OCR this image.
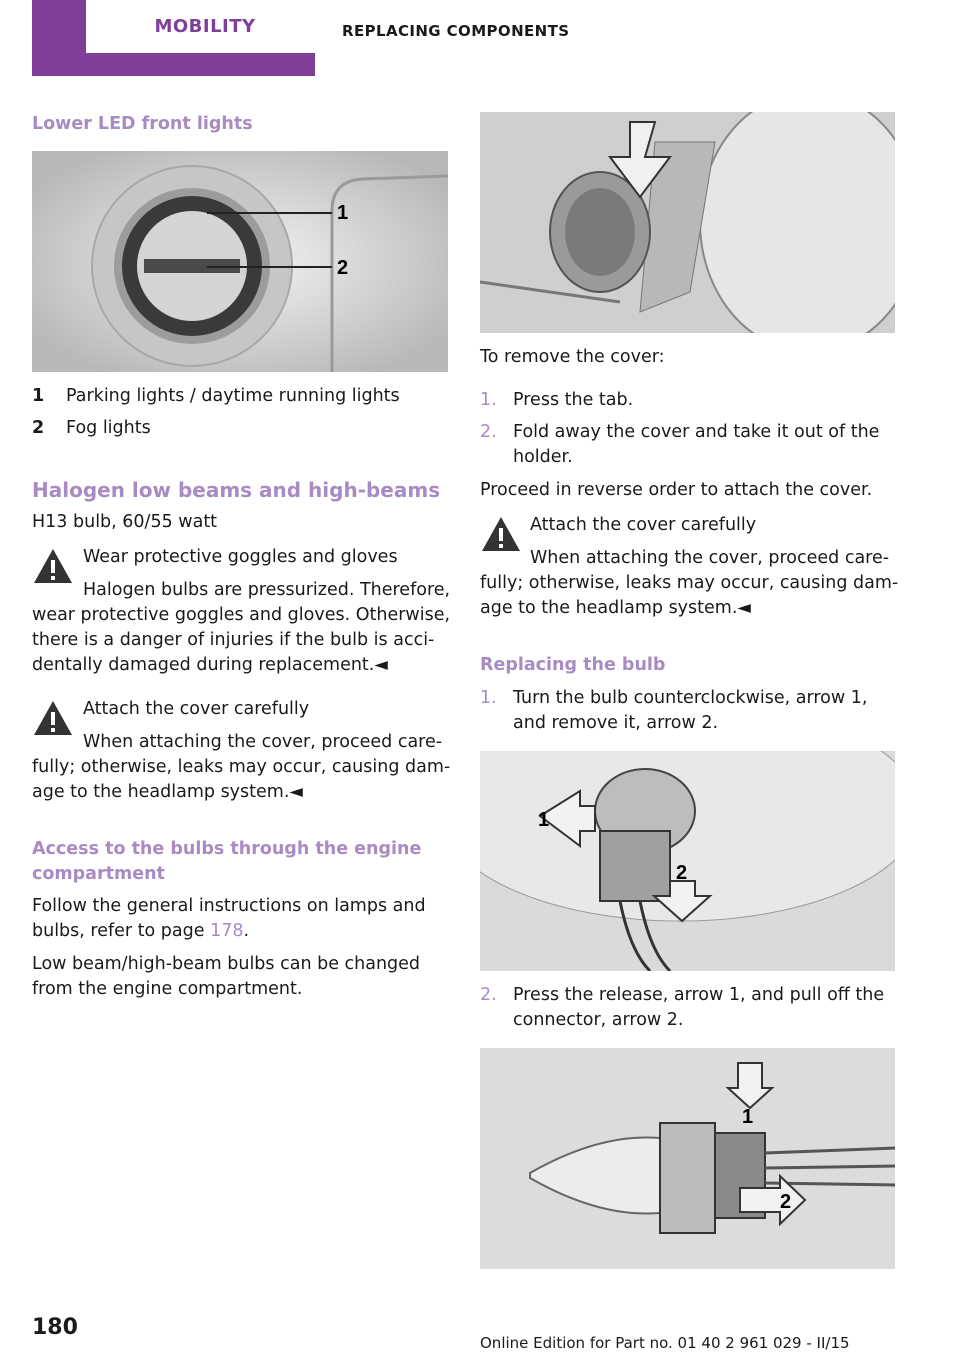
MOBILITY	REPLACING COMPONENTS
Lower LED front lights
1
2
1 Parking lights / daytime running lights
2 Fog lights
Halogen low beams and high-beams
H13 bulb, 60/55 watt
Wear protective goggles and gloves
Halogen bulbs are pressurized. Therefore,
wear protective goggles and gloves. Otherwise,
there is a danger of injuries if the bulb is acci‐
dentally damaged during replacement.◄
Attach the cover carefully
When attaching the cover, proceed care‐
fully; otherwise, leaks may occur, causing dam‐
age to the headlamp system.◄
Access to the bulbs through the engine
compartment
Follow the general instructions on lamps and
bulbs, refer to page 178.
Low beam/high-beam bulbs can be changed
from the engine compartment.
To remove the cover:
1. Press the tab.
2. Fold away the cover and take it out of the
holder.
Proceed in reverse order to attach the cover.
Attach the cover carefully
When attaching the cover, proceed care‐
fully; otherwise, leaks may occur, causing dam‐
age to the headlamp system.◄
Replacing the bulb
1. Turn the bulb counterclockwise, arrow 1,
and remove it, arrow 2.
1
2
2. Press the release, arrow 1, and pull off the
connector, arrow 2.
1
2
180
Online Edition for Part no. 01 40 2 961 029 - II/15
